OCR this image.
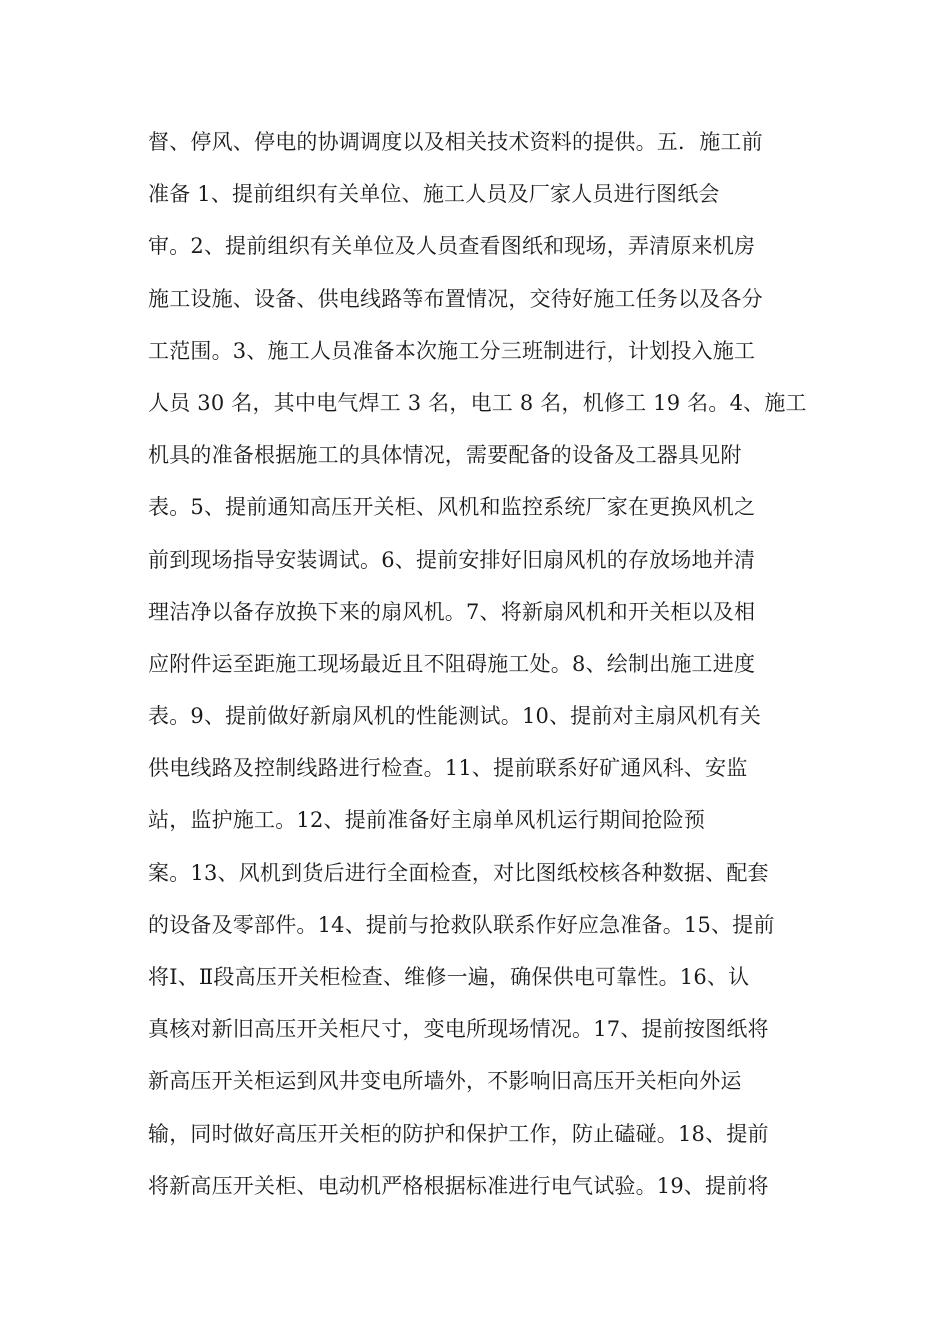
督、停风、停电的协调调度以及相关技术资料的提供。五．施工前
准备 1、提前组织有关单位、施工人员及厂家人员进行图纸会
审。2、提前组织有关单位及人员查看图纸和现场，弄清原来机房
施工设施、设备、供电线路等布置情况，交待好施工任务以及各分
工范围。3、施工人员准备本次施工分三班制进行，计划投入施工
人员 30 名，其中电气焊工 3 名，电工 8 名，机修工 19 名。4、施工
机具的准备根据施工的具体情况，需要配备的设备及工器具见附
表。5、提前通知高压开关柜、风机和监控系统厂家在更换风机之
前到现场指导安装调试。6、提前安排好旧扇风机的存放场地并清
理洁净以备存放换下来的扇风机。7、将新扇风机和开关柜以及相
应附件运至距施工现场最近且不阻碍施工处。8、绘制出施工进度
表。9、提前做好新扇风机的性能测试。10、提前对主扇风机有关
供电线路及控制线路进行检查。11、提前联系好矿通风科、安监
站，监护施工。12、提前准备好主扇单风机运行期间抢险预
案。13、风机到货后进行全面检查，对比图纸校核各种数据、配套
的设备及零部件。14、提前与抢救队联系作好应急准备。15、提前
将Ⅰ、Ⅱ段高压开关柜检查、维修一遍，确保供电可靠性。16、认
真核对新旧高压开关柜尺寸，变电所现场情况。17、提前按图纸将
新高压开关柜运到风井变电所墙外，不影响旧高压开关柜向外运
输，同时做好高压开关柜的防护和保护工作，防止磕碰。18、提前
将新高压开关柜、电动机严格根据标准进行电气试验。19、提前将
